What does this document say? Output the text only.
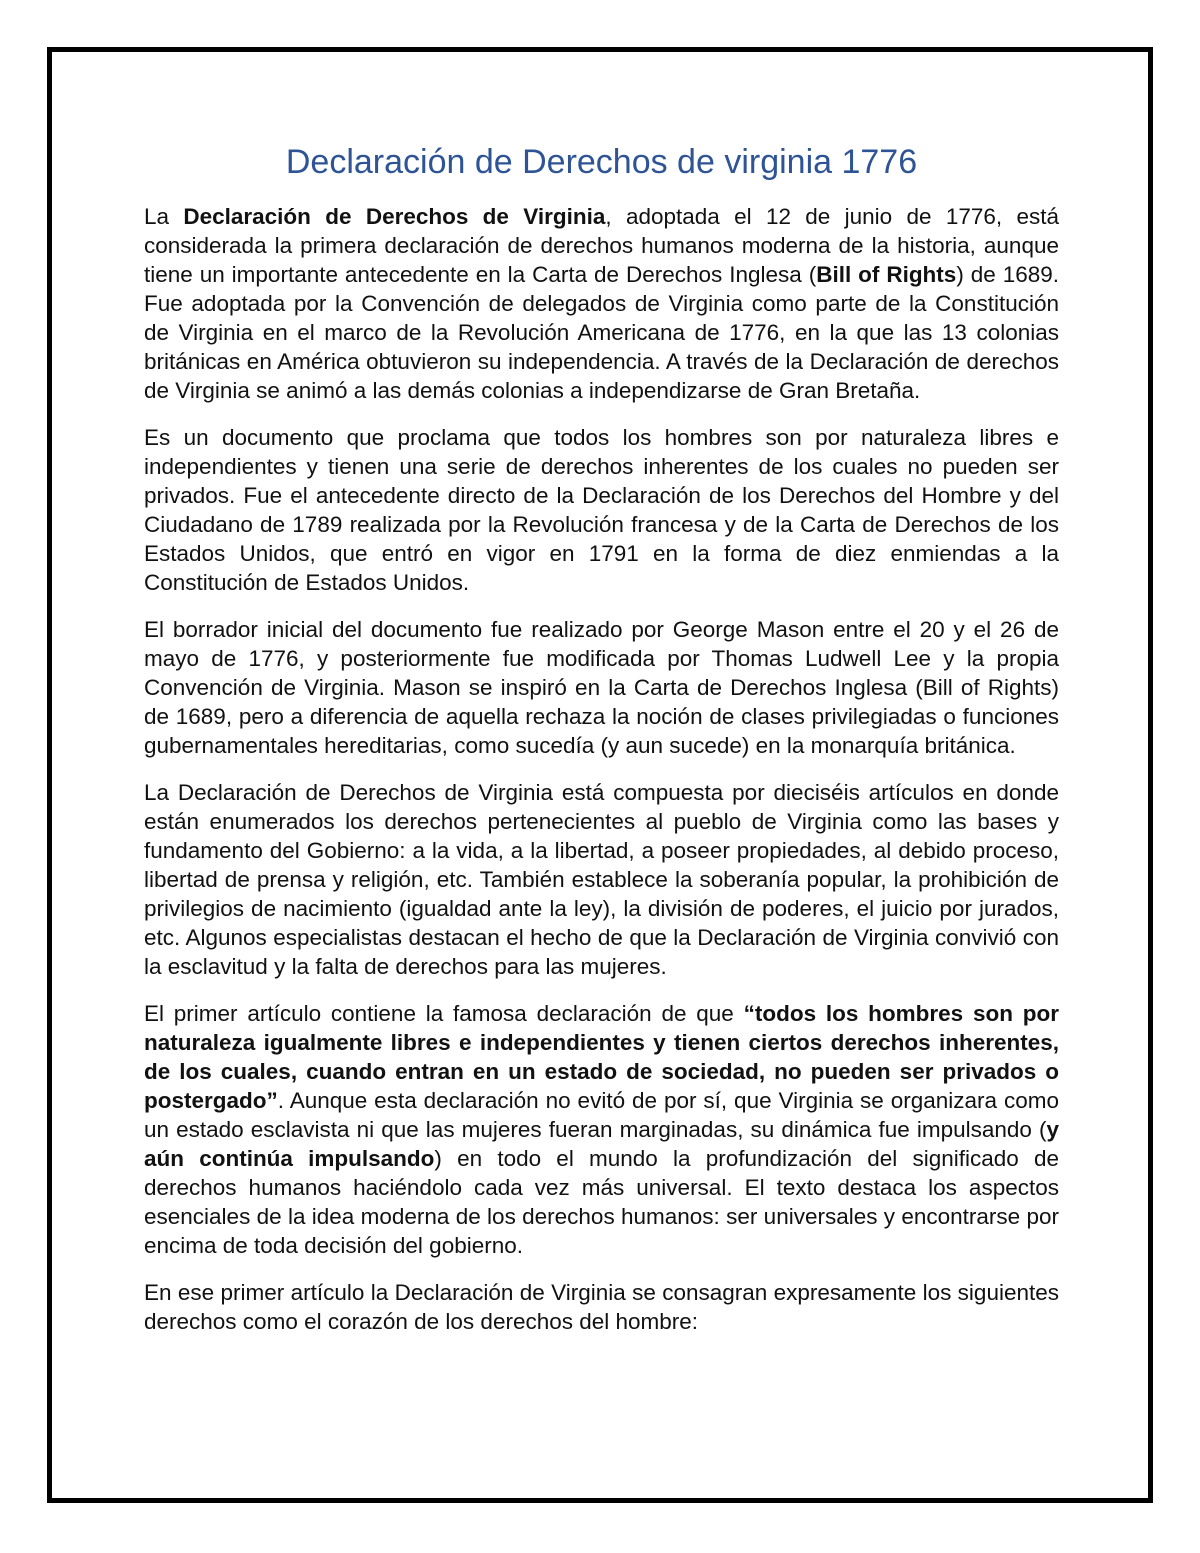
Declaración de Derechos de virginia 1776

La Declaración de Derechos de Virginia, adoptada el 12 de junio de 1776, está considerada la primera declaración de derechos humanos moderna de la historia, aunque tiene un importante antecedente en la Carta de Derechos Inglesa (Bill of Rights) de 1689. Fue adoptada por la Convención de delegados de Virginia como parte de la Constitución de Virginia en el marco de la Revolución Americana de 1776, en la que las 13 colonias británicas en América obtuvieron su independencia. A través de la Declaración de derechos de Virginia se animó a las demás colonias a independizarse de Gran Bretaña.

Es un documento que proclama que todos los hombres son por naturaleza libres e independientes y tienen una serie de derechos inherentes de los cuales no pueden ser privados. Fue el antecedente directo de la Declaración de los Derechos del Hombre y del Ciudadano de 1789 realizada por la Revolución francesa y de la Carta de Derechos de los Estados Unidos, que entró en vigor en 1791 en la forma de diez enmiendas a la Constitución de Estados Unidos.

El borrador inicial del documento fue realizado por George Mason entre el 20 y el 26 de mayo de 1776, y posteriormente fue modificada por Thomas Ludwell Lee y la propia Convención de Virginia. Mason se inspiró en la Carta de Derechos Inglesa (Bill of Rights) de 1689, pero a diferencia de aquella rechaza la noción de clases privilegiadas o funciones gubernamentales hereditarias, como sucedía (y aun sucede) en la monarquía británica.

La Declaración de Derechos de Virginia está compuesta por dieciséis artículos en donde están enumerados los derechos pertenecientes al pueblo de Virginia como las bases y fundamento del Gobierno: a la vida, a la libertad, a poseer propiedades, al debido proceso, libertad de prensa y religión, etc. También establece la soberanía popular, la prohibición de privilegios de nacimiento (igualdad ante la ley), la división de poderes, el juicio por jurados, etc. Algunos especialistas destacan el hecho de que la Declaración de Virginia convivió con la esclavitud y la falta de derechos para las mujeres.

El primer artículo contiene la famosa declaración de que “todos los hombres son por naturaleza igualmente libres e independientes y tienen ciertos derechos inherentes, de los cuales, cuando entran en un estado de sociedad, no pueden ser privados o postergado”. Aunque esta declaración no evitó de por sí, que Virginia se organizara como un estado esclavista ni que las mujeres fueran marginadas, su dinámica fue impulsando (y aún continúa impulsando) en todo el mundo la profundización del significado de derechos humanos haciéndolo cada vez más universal. El texto destaca los aspectos esenciales de la idea moderna de los derechos humanos: ser universales y encontrarse por encima de toda decisión del gobierno.

En ese primer artículo la Declaración de Virginia se consagran expresamente los siguientes derechos como el corazón de los derechos del hombre:
